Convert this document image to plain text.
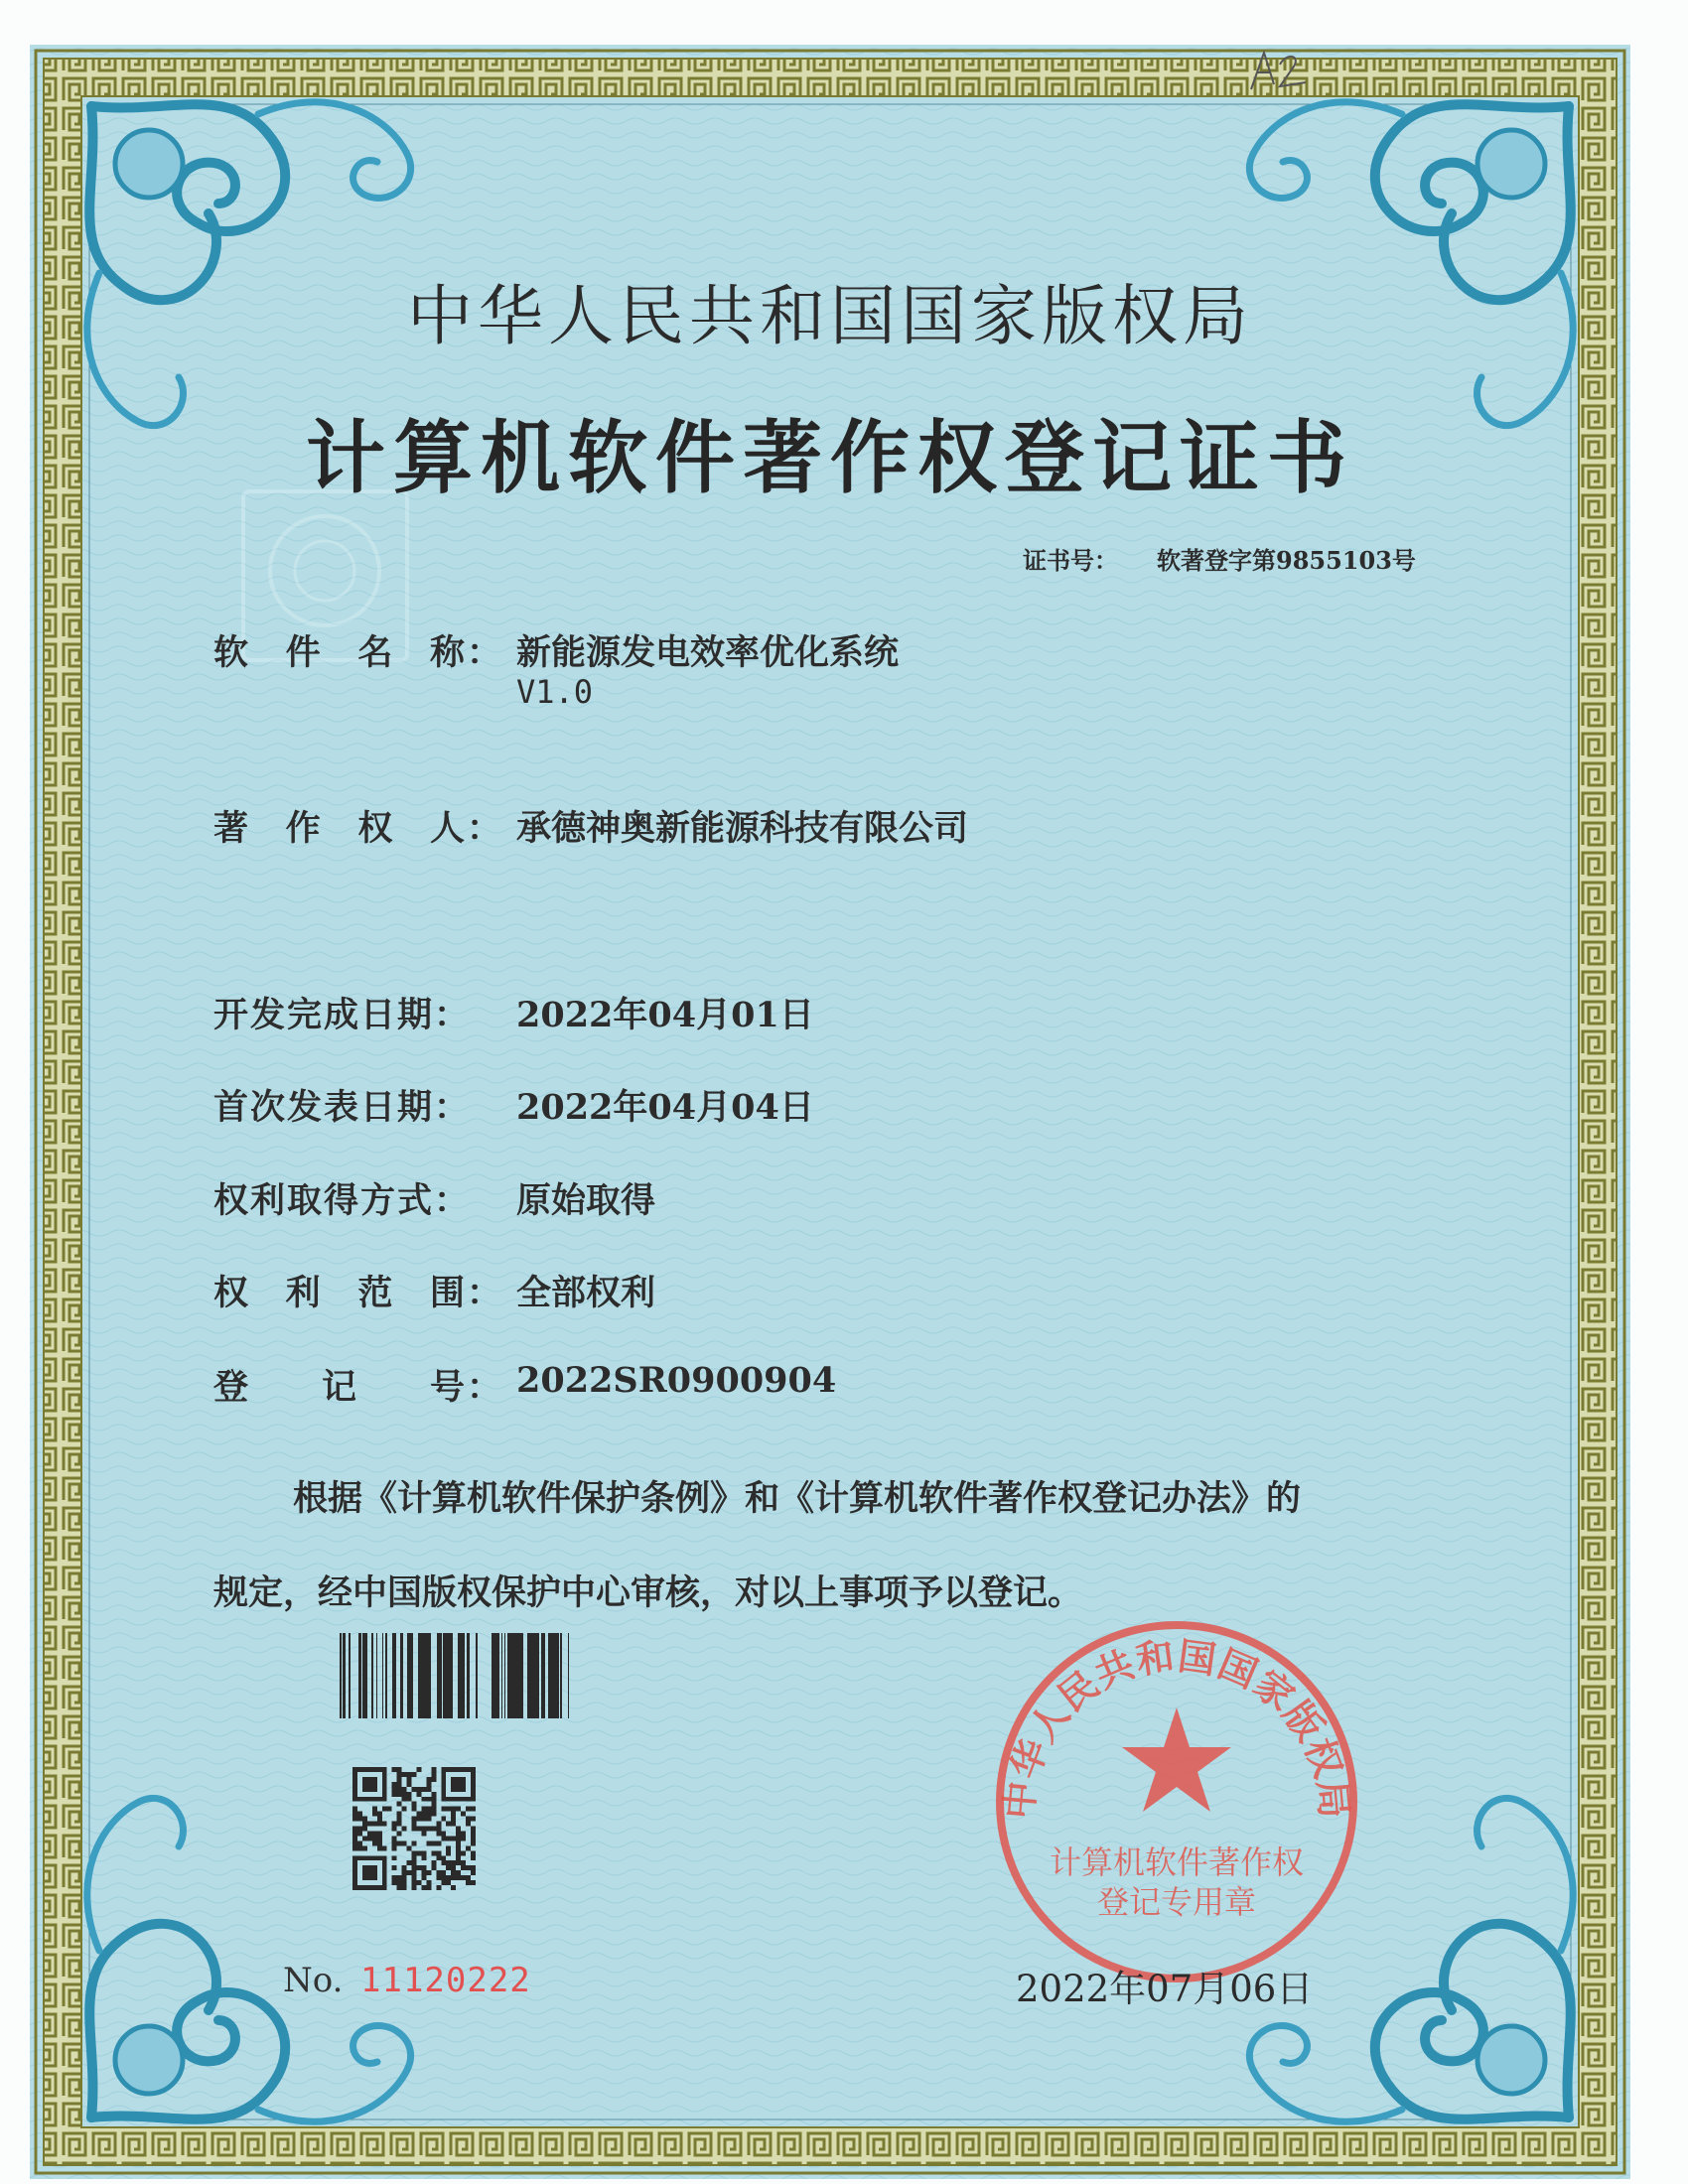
中华人民共和国国家版权局
计算机软件著作权登记证书
证书号： 软著登字第9855103号
软件名称： 新能源发电效率优化系统
V1.0
著作权人： 承德神奥新能源科技有限公司
开发完成日期： 2022年04月01日
首次发表日期： 2022年04月04日
权利取得方式： 原始取得
权利范围： 全部权利
登记号： 2022SR0900904
根据《计算机软件保护条例》和《计算机软件著作权登记办法》的
规定，经中国版权保护中心审核，对以上事项予以登记。
No. 11120222
中华人民共和国国家版权局
计算机软件著作权
登记专用章
2022年07月06日
